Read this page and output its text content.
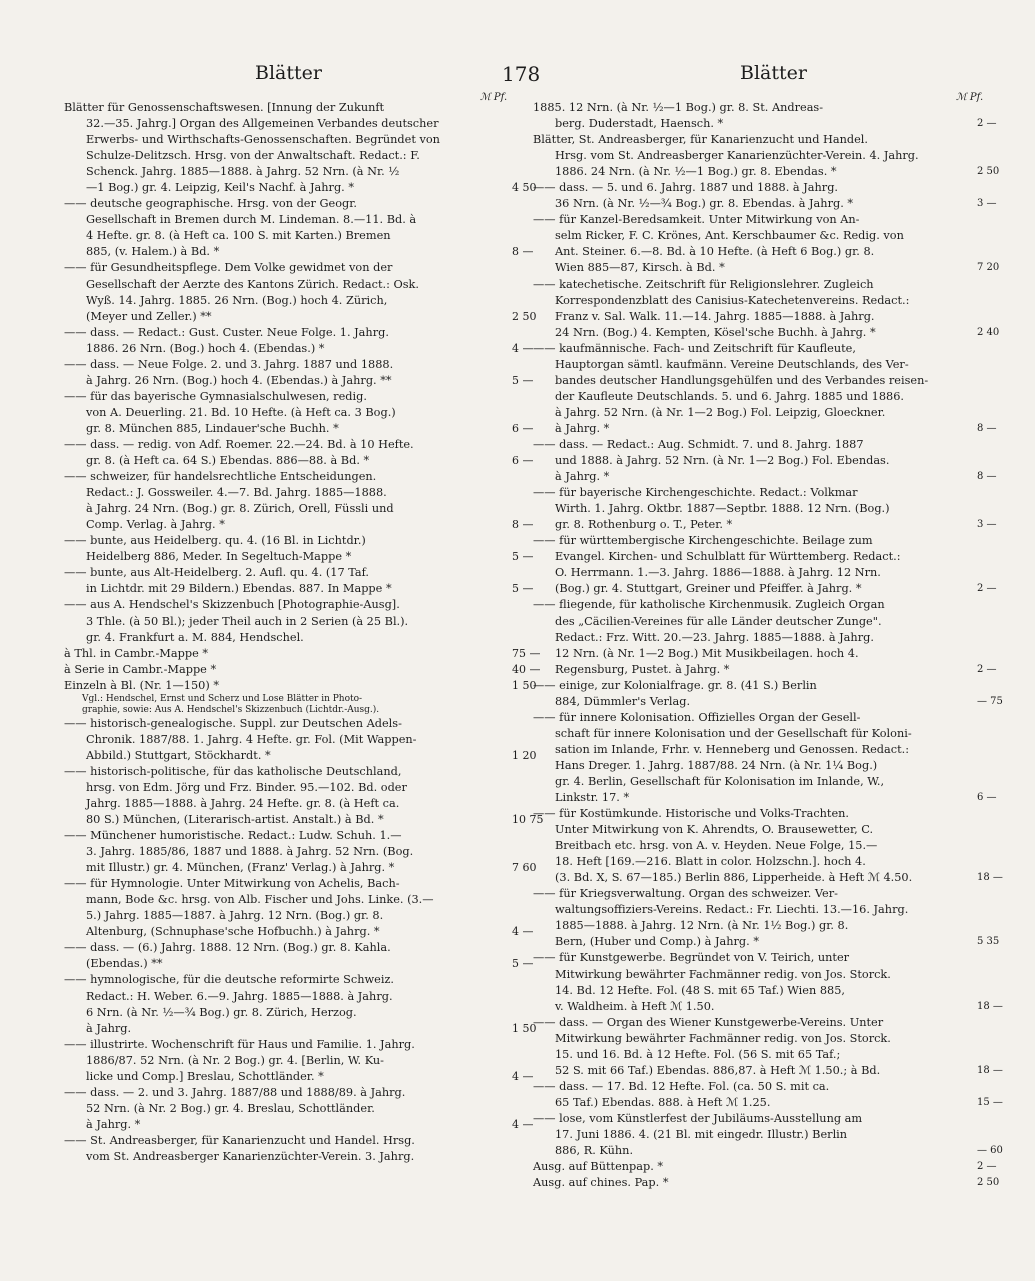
Blätter	178	Blätter
ℳ Pf.	ℳ Pf.
Blätter für Genossenschaftswesen. [Innung der Zukunft
32.—35. Jahrg.] Organ des Allgemeinen Verbandes deutscher
Erwerbs- und Wirthschafts-Genossenschaften. Begründet von
Schulze-Delitzsch. Hrsg. von der Anwaltschaft. Redact.: F.
Schenck. Jahrg. 1885—1888. à Jahrg. 52 Nrn. (à Nr. ½
—1 Bog.) gr. 4. Leipzig, Keil's Nachf. à Jahrg. *	4 50
—— deutsche geographische. Hrsg. von der Geogr.
Gesellschaft in Bremen durch M. Lindeman. 8.—11. Bd. à
4 Hefte. gr. 8. (à Heft ca. 100 S. mit Karten.) Bremen
885, (v. Halem.) à Bd. *	8 —
—— für Gesundheitspflege. Dem Volke gewidmet von der
Gesellschaft der Aerzte des Kantons Zürich. Redact.: Osk.
Wyß. 14. Jahrg. 1885. 26 Nrn. (Bog.) hoch 4. Zürich,
(Meyer und Zeller.) **	2 50
—— dass. — Redact.: Gust. Custer. Neue Folge. 1. Jahrg.
1886. 26 Nrn. (Bog.) hoch 4. (Ebendas.) *	4 —
—— dass. — Neue Folge. 2. und 3. Jahrg. 1887 und 1888.
à Jahrg. 26 Nrn. (Bog.) hoch 4. (Ebendas.) à Jahrg. **	5 —
—— für das bayerische Gymnasialschulwesen, redig.
von A. Deuerling. 21. Bd. 10 Hefte. (à Heft ca. 3 Bog.)
gr. 8. München 885, Lindauer'sche Buchh. *	6 —
—— dass. — redig. von Adf. Roemer. 22.—24. Bd. à 10 Hefte.
gr. 8. (à Heft ca. 64 S.) Ebendas. 886—88. à Bd. *	6 —
—— schweizer, für handelsrechtliche Entscheidungen.
Redact.: J. Gossweiler. 4.—7. Bd. Jahrg. 1885—1888.
à Jahrg. 24 Nrn. (Bog.) gr. 8. Zürich, Orell, Füssli und
Comp. Verlag. à Jahrg. *	8 —
—— bunte, aus Heidelberg. qu. 4. (16 Bl. in Lichtdr.)
Heidelberg 886, Meder. In Segeltuch-Mappe *	5 —
—— bunte, aus Alt-Heidelberg. 2. Aufl. qu. 4. (17 Taf.
in Lichtdr. mit 29 Bildern.) Ebendas. 887. In Mappe *	5 —
—— aus A. Hendschel's Skizzenbuch [Photographie-Ausg].
3 Thle. (à 50 Bl.); jeder Theil auch in 2 Serien (à 25 Bl.).
gr. 4. Frankfurt a. M. 884, Hendschel.
à Thl. in Cambr.-Mappe *	75 —
à Serie in Cambr.-Mappe *	40 —
Einzeln à Bl. (Nr. 1—150) *	1 50
Vgl.: Hendschel, Ernst und Scherz und Lose Blätter in Photo-
graphie, sowie: Aus A. Hendschel's Skizzenbuch (Lichtdr.-Ausg.).
—— historisch-genealogische. Suppl. zur Deutschen Adels-
Chronik. 1887/88. 1. Jahrg. 4 Hefte. gr. Fol. (Mit Wappen-
Abbild.) Stuttgart, Stöckhardt. *	1 20
—— historisch-politische, für das katholische Deutschland,
hrsg. von Edm. Jörg und Frz. Binder. 95.—102. Bd. oder
Jahrg. 1885—1888. à Jahrg. 24 Hefte. gr. 8. (à Heft ca.
80 S.) München, (Literarisch-artist. Anstalt.) à Bd. *	10 75
—— Münchener humoristische. Redact.: Ludw. Schuh. 1.—
3. Jahrg. 1885/86, 1887 und 1888. à Jahrg. 52 Nrn. (Bog.
mit Illustr.) gr. 4. München, (Franz' Verlag.) à Jahrg. *	7 60
—— für Hymnologie. Unter Mitwirkung von Achelis, Bach-
mann, Bode &c. hrsg. von Alb. Fischer und Johs. Linke. (3.—
5.) Jahrg. 1885—1887. à Jahrg. 12 Nrn. (Bog.) gr. 8.
Altenburg, (Schnuphase'sche Hofbuchh.) à Jahrg. *	4 —
—— dass. — (6.) Jahrg. 1888. 12 Nrn. (Bog.) gr. 8. Kahla.
(Ebendas.) **	5 —
—— hymnologische, für die deutsche reformirte Schweiz.
Redact.: H. Weber. 6.—9. Jahrg. 1885—1888. à Jahrg.
6 Nrn. (à Nr. ½—¾ Bog.) gr. 8. Zürich, Herzog.
à Jahrg.	1 50
—— illustrirte. Wochenschrift für Haus und Familie. 1. Jahrg.
1886/87. 52 Nrn. (à Nr. 2 Bog.) gr. 4. [Berlin, W. Ku-
licke und Comp.] Breslau, Schottländer. *	4 —
—— dass. — 2. und 3. Jahrg. 1887/88 und 1888/89. à Jahrg.
52 Nrn. (à Nr. 2 Bog.) gr. 4. Breslau, Schottländer.
à Jahrg. *	4 —
—— St. Andreasberger, für Kanarienzucht und Handel. Hrsg.
vom St. Andreasberger Kanarienzüchter-Verein. 3. Jahrg.
1885. 12 Nrn. (à Nr. ½—1 Bog.) gr. 8. St. Andreas-
berg. Duderstadt, Haensch. *	2 —
Blätter, St. Andreasberger, für Kanarienzucht und Handel.
Hrsg. vom St. Andreasberger Kanarienzüchter-Verein. 4. Jahrg.
1886. 24 Nrn. (à Nr. ½—1 Bog.) gr. 8. Ebendas. *	2 50
—— dass. — 5. und 6. Jahrg. 1887 und 1888. à Jahrg.
36 Nrn. (à Nr. ½—¾ Bog.) gr. 8. Ebendas. à Jahrg. *	3 —
—— für Kanzel-Beredsamkeit. Unter Mitwirkung von An-
selm Ricker, F. C. Krönes, Ant. Kerschbaumer &c. Redig. von
Ant. Steiner. 6.—8. Bd. à 10 Hefte. (à Heft 6 Bog.) gr. 8.
Wien 885—87, Kirsch. à Bd. *	7 20
—— katechetische. Zeitschrift für Religionslehrer. Zugleich
Korrespondenzblatt des Canisius-Katechetenvereins. Redact.:
Franz v. Sal. Walk. 11.—14. Jahrg. 1885—1888. à Jahrg.
24 Nrn. (Bog.) 4. Kempten, Kösel'sche Buchh. à Jahrg. *	2 40
—— kaufmännische. Fach- und Zeitschrift für Kaufleute,
Hauptorgan sämtl. kaufmänn. Vereine Deutschlands, des Ver-
bandes deutscher Handlungsgehülfen und des Verbandes reisen-
der Kaufleute Deutschlands. 5. und 6. Jahrg. 1885 und 1886.
à Jahrg. 52 Nrn. (à Nr. 1—2 Bog.) Fol. Leipzig, Gloeckner.
à Jahrg. *	8 —
—— dass. — Redact.: Aug. Schmidt. 7. und 8. Jahrg. 1887
und 1888. à Jahrg. 52 Nrn. (à Nr. 1—2 Bog.) Fol. Ebendas.
à Jahrg. *	8 —
—— für bayerische Kirchengeschichte. Redact.: Volkmar
Wirth. 1. Jahrg. Oktbr. 1887—Septbr. 1888. 12 Nrn. (Bog.)
gr. 8. Rothenburg o. T., Peter. *	3 —
—— für württembergische Kirchengeschichte. Beilage zum
Evangel. Kirchen- und Schulblatt für Württemberg. Redact.:
O. Herrmann. 1.—3. Jahrg. 1886—1888. à Jahrg. 12 Nrn.
(Bog.) gr. 4. Stuttgart, Greiner und Pfeiffer. à Jahrg. *	2 —
—— fliegende, für katholische Kirchenmusik. Zugleich Organ
des „Cäcilien-Vereines für alle Länder deutscher Zunge".
Redact.: Frz. Witt. 20.—23. Jahrg. 1885—1888. à Jahrg.
12 Nrn. (à Nr. 1—2 Bog.) Mit Musikbeilagen. hoch 4.
Regensburg, Pustet. à Jahrg. *	2 —
—— einige, zur Kolonialfrage. gr. 8. (41 S.) Berlin
884, Dümmler's Verlag.	— 75
—— für innere Kolonisation. Offizielles Organ der Gesell-
schaft für innere Kolonisation und der Gesellschaft für Koloni-
sation im Inlande, Frhr. v. Henneberg und Genossen. Redact.:
Hans Dreger. 1. Jahrg. 1887/88. 24 Nrn. (à Nr. 1¼ Bog.)
gr. 4. Berlin, Gesellschaft für Kolonisation im Inlande, W.,
Linkstr. 17. *	6 —
—— für Kostümkunde. Historische und Volks-Trachten.
Unter Mitwirkung von K. Ahrendts, O. Brausewetter, C.
Breitbach etc. hrsg. von A. v. Heyden. Neue Folge, 15.—
18. Heft [169.—216. Blatt in color. Holzschn.]. hoch 4.
(3. Bd. X, S. 67—185.) Berlin 886, Lipperheide. à Heft ℳ 4.50.	18 —
—— für Kriegsverwaltung. Organ des schweizer. Ver-
waltungsoffiziers-Vereins. Redact.: Fr. Liechti. 13.—16. Jahrg.
1885—1888. à Jahrg. 12 Nrn. (à Nr. 1½ Bog.) gr. 8.
Bern, (Huber und Comp.) à Jahrg. *	5 35
—— für Kunstgewerbe. Begründet von V. Teirich, unter
Mitwirkung bewährter Fachmänner redig. von Jos. Storck.
14. Bd. 12 Hefte. Fol. (48 S. mit 65 Taf.) Wien 885,
v. Waldheim. à Heft ℳ 1.50.	18 —
—— dass. — Organ des Wiener Kunstgewerbe-Vereins. Unter
Mitwirkung bewährter Fachmänner redig. von Jos. Storck.
15. und 16. Bd. à 12 Hefte. Fol. (56 S. mit 65 Taf.;
52 S. mit 66 Taf.) Ebendas. 886,87. à Heft ℳ 1.50.; à Bd.	18 —
—— dass. — 17. Bd. 12 Hefte. Fol. (ca. 50 S. mit ca.
65 Taf.) Ebendas. 888. à Heft ℳ 1.25.	15 —
—— lose, vom Künstlerfest der Jubiläums-Ausstellung am
17. Juni 1886. 4. (21 Bl. mit eingedr. Illustr.) Berlin
886, R. Kühn.	— 60
Ausg. auf Büttenpap. *	2 —
Ausg. auf chines. Pap. *	2 50
